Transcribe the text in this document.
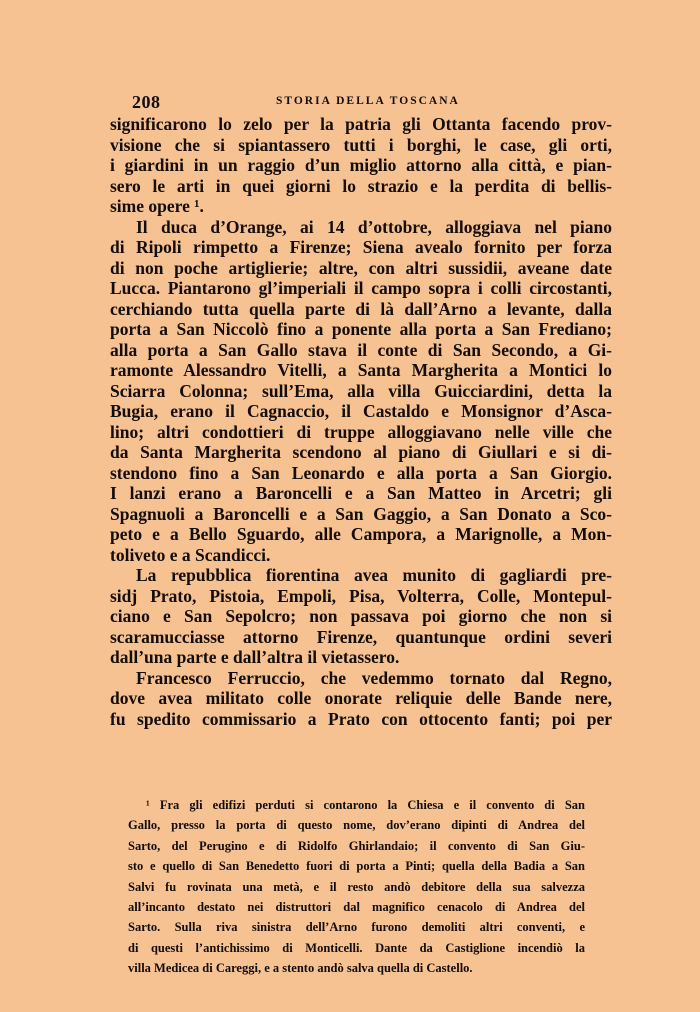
208	STORIA DELLA TOSCANA
significarono lo zelo per la patria gli Ottanta facendo prov-
visione che si spiantassero tutti i borghi, le case, gli orti,
i giardini in un raggio d’un miglio attorno alla città, e pian-
sero le arti in quei giorni lo strazio e la perdita di bellis-
sime opere ¹.
Il duca d’Orange, ai 14 d’ottobre, alloggiava nel piano
di Ripoli rimpetto a Firenze; Siena avealo fornito per forza
di non poche artiglierie; altre, con altri sussidii, aveane date
Lucca. Piantarono gl’imperiali il campo sopra i colli circostanti,
cerchiando tutta quella parte di là dall’Arno a levante, dalla
porta a San Niccolò fino a ponente alla porta a San Frediano;
alla porta a San Gallo stava il conte di San Secondo, a Gi-
ramonte Alessandro Vitelli, a Santa Margherita a Montici lo
Sciarra Colonna; sull’Ema, alla villa Guicciardini, detta la
Bugia, erano il Cagnaccio, il Castaldo e Monsignor d’Asca-
lino; altri condottieri di truppe alloggiavano nelle ville che
da Santa Margherita scendono al piano di Giullari e si di-
stendono fino a San Leonardo e alla porta a San Giorgio.
I lanzi erano a Baroncelli e a San Matteo in Arcetri; gli
Spagnuoli a Baroncelli e a San Gaggio, a San Donato a Sco-
peto e a Bello Sguardo, alle Campora, a Marignolle, a Mon-
toliveto e a Scandicci.
La repubblica fiorentina avea munito di gagliardi pre-
sidj Prato, Pistoia, Empoli, Pisa, Volterra, Colle, Montepul-
ciano e San Sepolcro; non passava poi giorno che non si
scaramucciasse attorno Firenze, quantunque ordini severi
dall’una parte e dall’altra il vietassero.
Francesco Ferruccio, che vedemmo tornato dal Regno,
dove avea militato colle onorate reliquie delle Bande nere,
fu spedito commissario a Prato con ottocento fanti; poi per
¹ Fra gli edifizi perduti si contarono la Chiesa e il convento di San
Gallo, presso la porta di questo nome, dov’erano dipinti di Andrea del
Sarto, del Perugino e di Ridolfo Ghirlandaio; il convento di San Giu-
sto e quello di San Benedetto fuori di porta a Pinti; quella della Badia a San
Salvi fu rovinata una metà, e il resto andò debitore della sua salvezza
all’incanto destato nei distruttori dal magnifico cenacolo di Andrea del
Sarto. Sulla riva sinistra dell’Arno furono demoliti altri conventi, e
di questi l’antichissimo di Monticelli. Dante da Castiglione incendiò la
villa Medicea di Careggi, e a stento andò salva quella di Castello.
